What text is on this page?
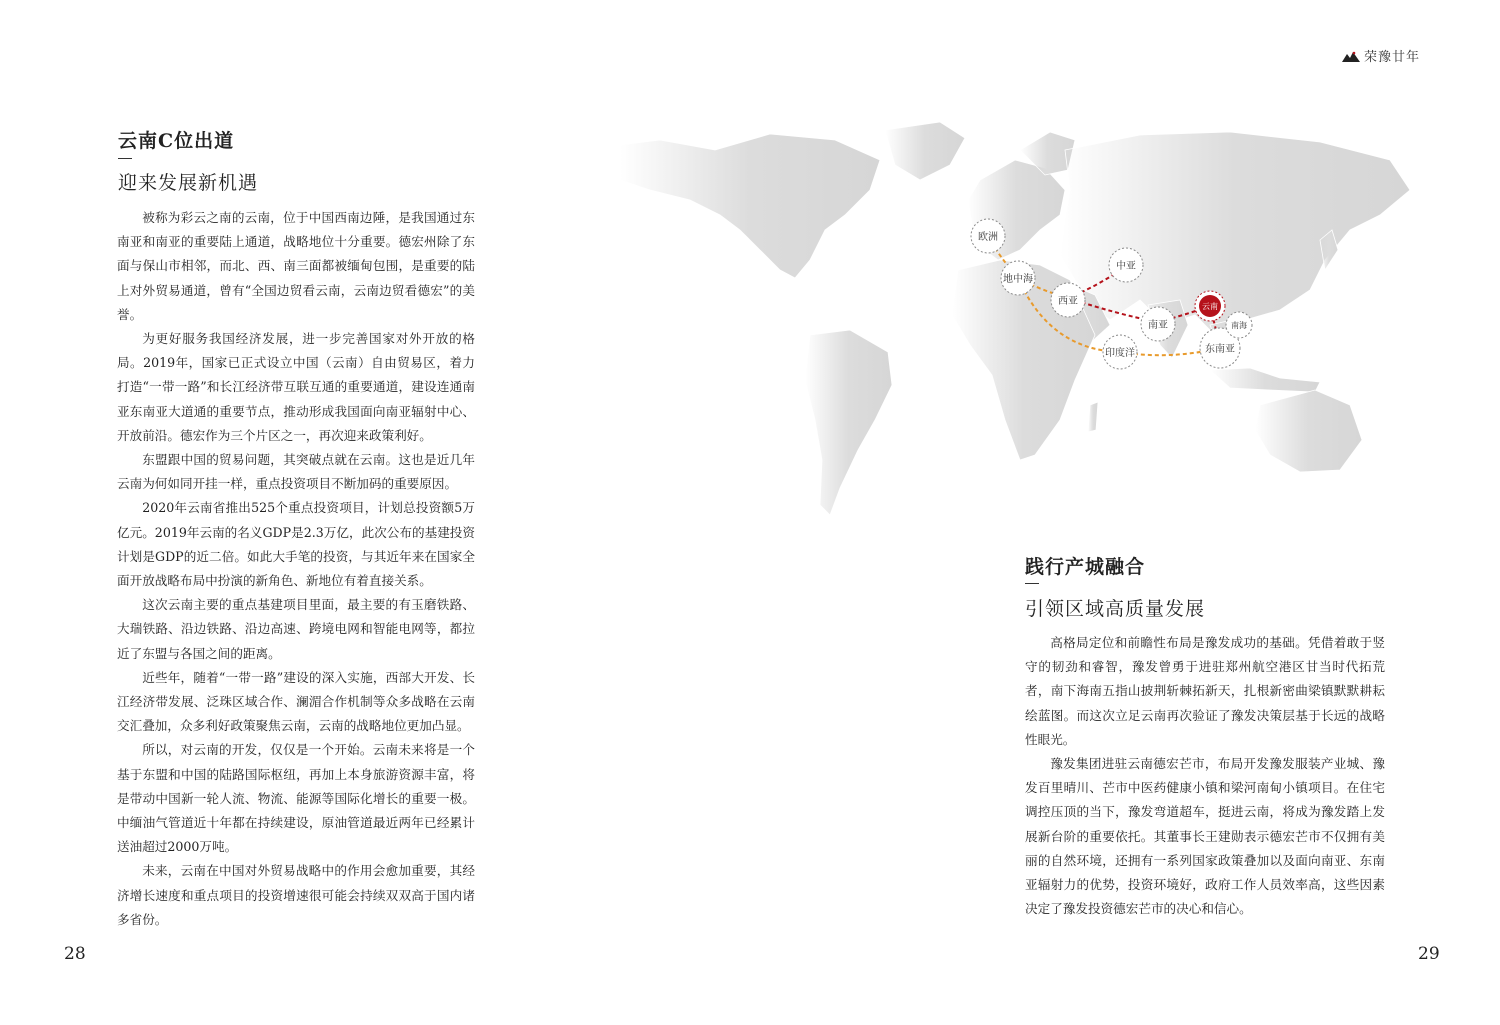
荣豫廿年
云南C位出道
迎来发展新机遇

被称为彩云之南的云南，位于中国西南边陲，是我国通过东南亚和南亚的重要陆上通道，战略地位十分重要。德宏州除了东面与保山市相邻，而北、西、南三面都被缅甸包围，是重要的陆上对外贸易通道，曾有“全国边贸看云南，云南边贸看德宏”的美誉。

为更好服务我国经济发展，进一步完善国家对外开放的格局。2019年，国家已正式设立中国（云南）自由贸易区，着力打造“一带一路”和长江经济带互联互通的重要通道，建设连通南亚东南亚大道通的重要节点，推动形成我国面向南亚辐射中心、开放前沿。德宏作为三个片区之一，再次迎来政策利好。

东盟跟中国的贸易问题，其突破点就在云南。这也是近几年云南为何如同开挂一样，重点投资项目不断加码的重要原因。

2020年云南省推出525个重点投资项目，计划总投资额5万亿元。2019年云南的名义GDP是2.3万亿，此次公布的基建投资计划是GDP的近二倍。如此大手笔的投资，与其近年来在国家全面开放战略布局中扮演的新角色、新地位有着直接关系。

这次云南主要的重点基建项目里面，最主要的有玉磨铁路、大瑞铁路、沿边铁路、沿边高速、跨境电网和智能电网等，都拉近了东盟与各国之间的距离。

近些年，随着“一带一路”建设的深入实施，西部大开发、长江经济带发展、泛珠区域合作、澜湄合作机制等众多战略在云南交汇叠加，众多利好政策聚焦云南，云南的战略地位更加凸显。

所以，对云南的开发，仅仅是一个开始。云南未来将是一个基于东盟和中国的陆路国际枢纽，再加上本身旅游资源丰富，将是带动中国新一轮人流、物流、能源等国际化增长的重要一极。中缅油气管道近十年都在持续建设，原油管道最近两年已经累计送油超过2000万吨。

未来，云南在中国对外贸易战略中的作用会愈加重要，其经济增长速度和重点项目的投资增速很可能会持续双双高于国内诸多省份。

28
欧洲
地中海
西亚
中亚
南亚
印度洋	东南亚
南海
云南
践行产城融合
引领区域高质量发展

高格局定位和前瞻性布局是豫发成功的基础。凭借着敢于竖守的韧劲和睿智，豫发曾勇于进驻郑州航空港区甘当时代拓荒者，南下海南五指山披荆斩棘拓新天，扎根新密曲梁镇默默耕耘绘蓝图。而这次立足云南再次验证了豫发决策层基于长远的战略性眼光。

豫发集团进驻云南德宏芒市，布局开发豫发服装产业城、豫发百里晴川、芒市中医药健康小镇和梁河南甸小镇项目。在住宅调控压顶的当下，豫发弯道超车，挺进云南，将成为豫发踏上发展新台阶的重要依托。其董事长王建勋表示德宏芒市不仅拥有美丽的自然环境，还拥有一系列国家政策叠加以及面向南亚、东南亚辐射力的优势，投资环境好，政府工作人员效率高，这些因素决定了豫发投资德宏芒市的决心和信心。

29
